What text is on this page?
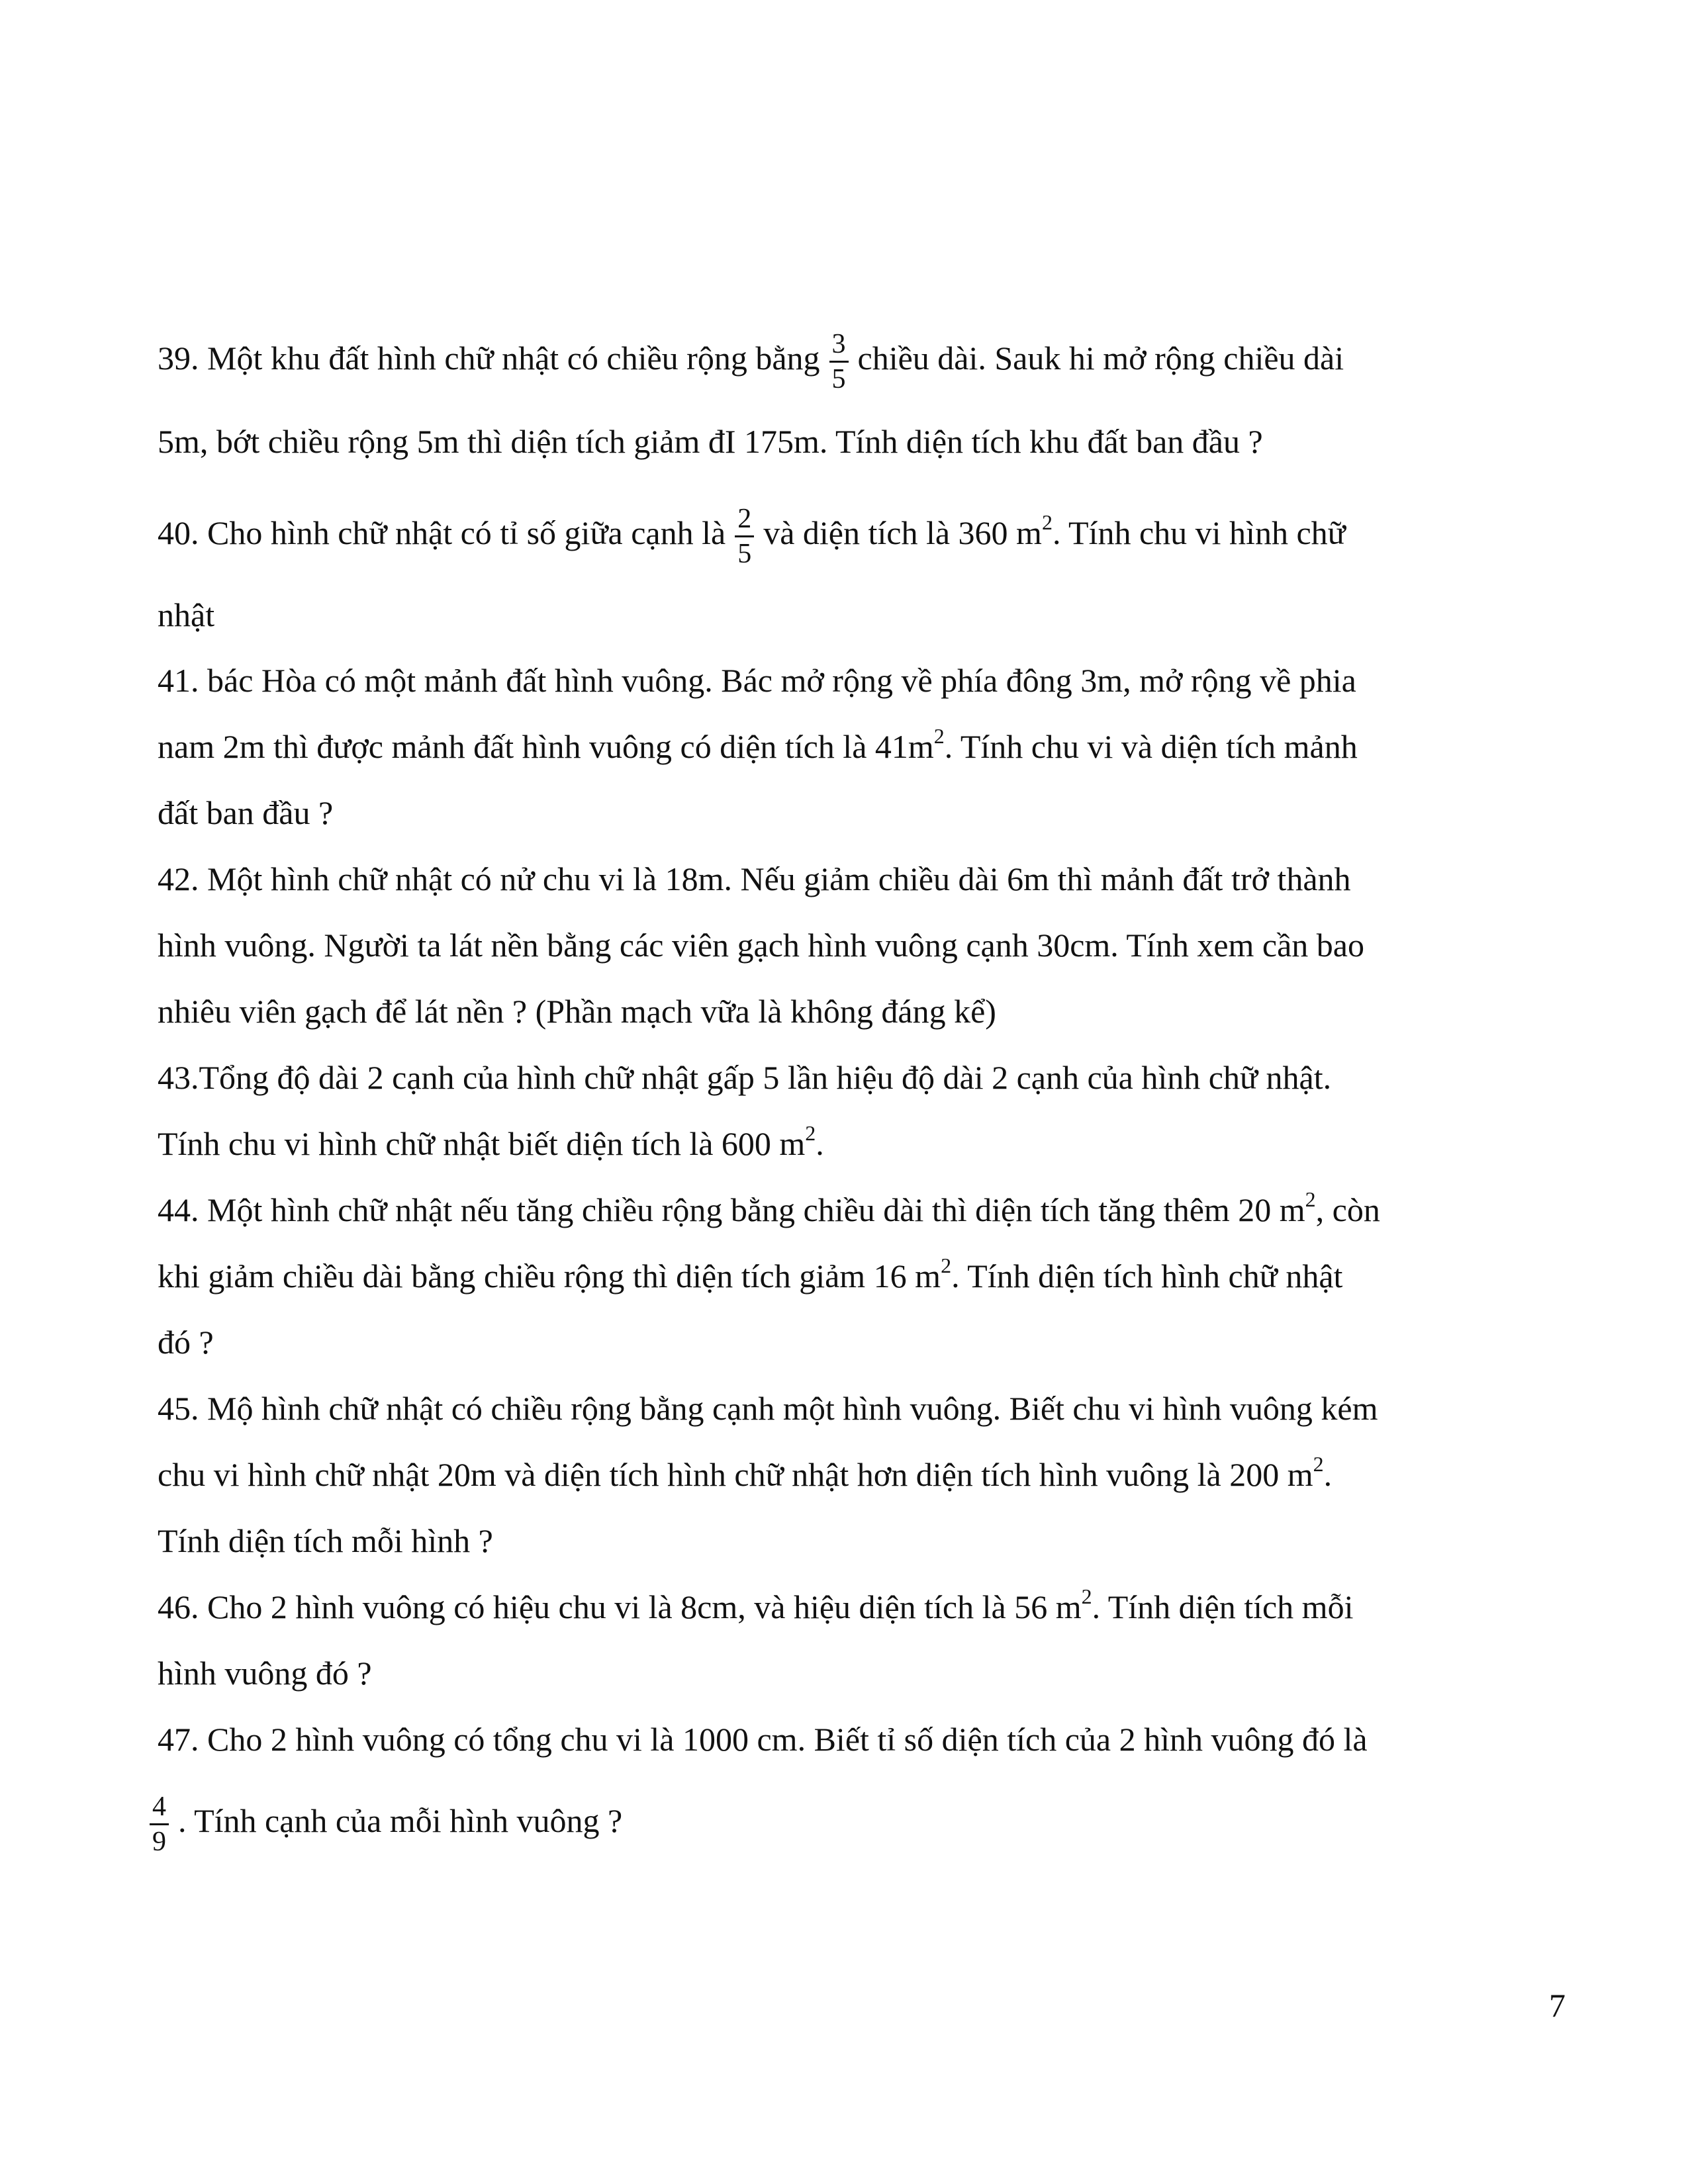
39. Một khu đất hình chữ nhật có chiều rộng bằng $\frac{3}{5}$ chiều dài. Sauk hi mở rộng chiều dài
5m, bớt chiều rộng 5m thì diện tích giảm đI 175m. Tính diện tích khu đất ban đầu ?
40. Cho hình chữ nhật có tỉ số giữa cạnh là $\frac{2}{5}$ và diện tích là 360 $m^2$. Tính chu vi hình chữ
nhật
41. bác Hòa có một mảnh đất hình vuông. Bác mở rộng về phía đông 3m, mở rộng về phia
nam 2m thì được mảnh đất hình vuông có diện tích là $41m^2$. Tính chu vi và diện tích mảnh
đất ban đầu ?
42. Một hình chữ nhật có nử chu vi là 18m. Nếu giảm chiều dài 6m thì mảnh đất trở thành
hình vuông. Người ta lát nền bằng các viên gạch hình vuông cạnh 30cm. Tính xem cần bao
nhiêu viên gạch để lát nền ? (Phần mạch vữa là không đáng kể)
43.Tổng độ dài 2 cạnh của hình chữ nhật gấp 5 lần hiệu độ dài 2 cạnh của hình chữ nhật.
Tính chu vi hình chữ nhật biết diện tích là 600 $m^2$.
44. Một hình chữ nhật nếu tăng chiều rộng bằng chiều dài thì diện tích tăng thêm 20 $m^2$, còn
khi giảm chiều dài bằng chiều rộng thì diện tích giảm 16 $m^2$. Tính diện tích hình chữ nhật
đó ?
45. Mộ hình chữ nhật có chiều rộng bằng cạnh một hình vuông. Biết chu vi hình vuông kém
chu vi hình chữ nhật 20m và diện tích hình chữ nhật hơn diện tích hình vuông là 200 $m^2$.
Tính diện tích mỗi hình ?
46. Cho 2 hình vuông có hiệu chu vi là 8cm, và hiệu diện tích là 56 $m^2$. Tính diện tích mỗi
hình vuông đó ?
47. Cho 2 hình vuông có tổng chu vi là 1000 cm. Biết tỉ số diện tích của 2 hình vuông đó là
$\frac{4}{9}$ . Tính cạnh của mỗi hình vuông ?
7
